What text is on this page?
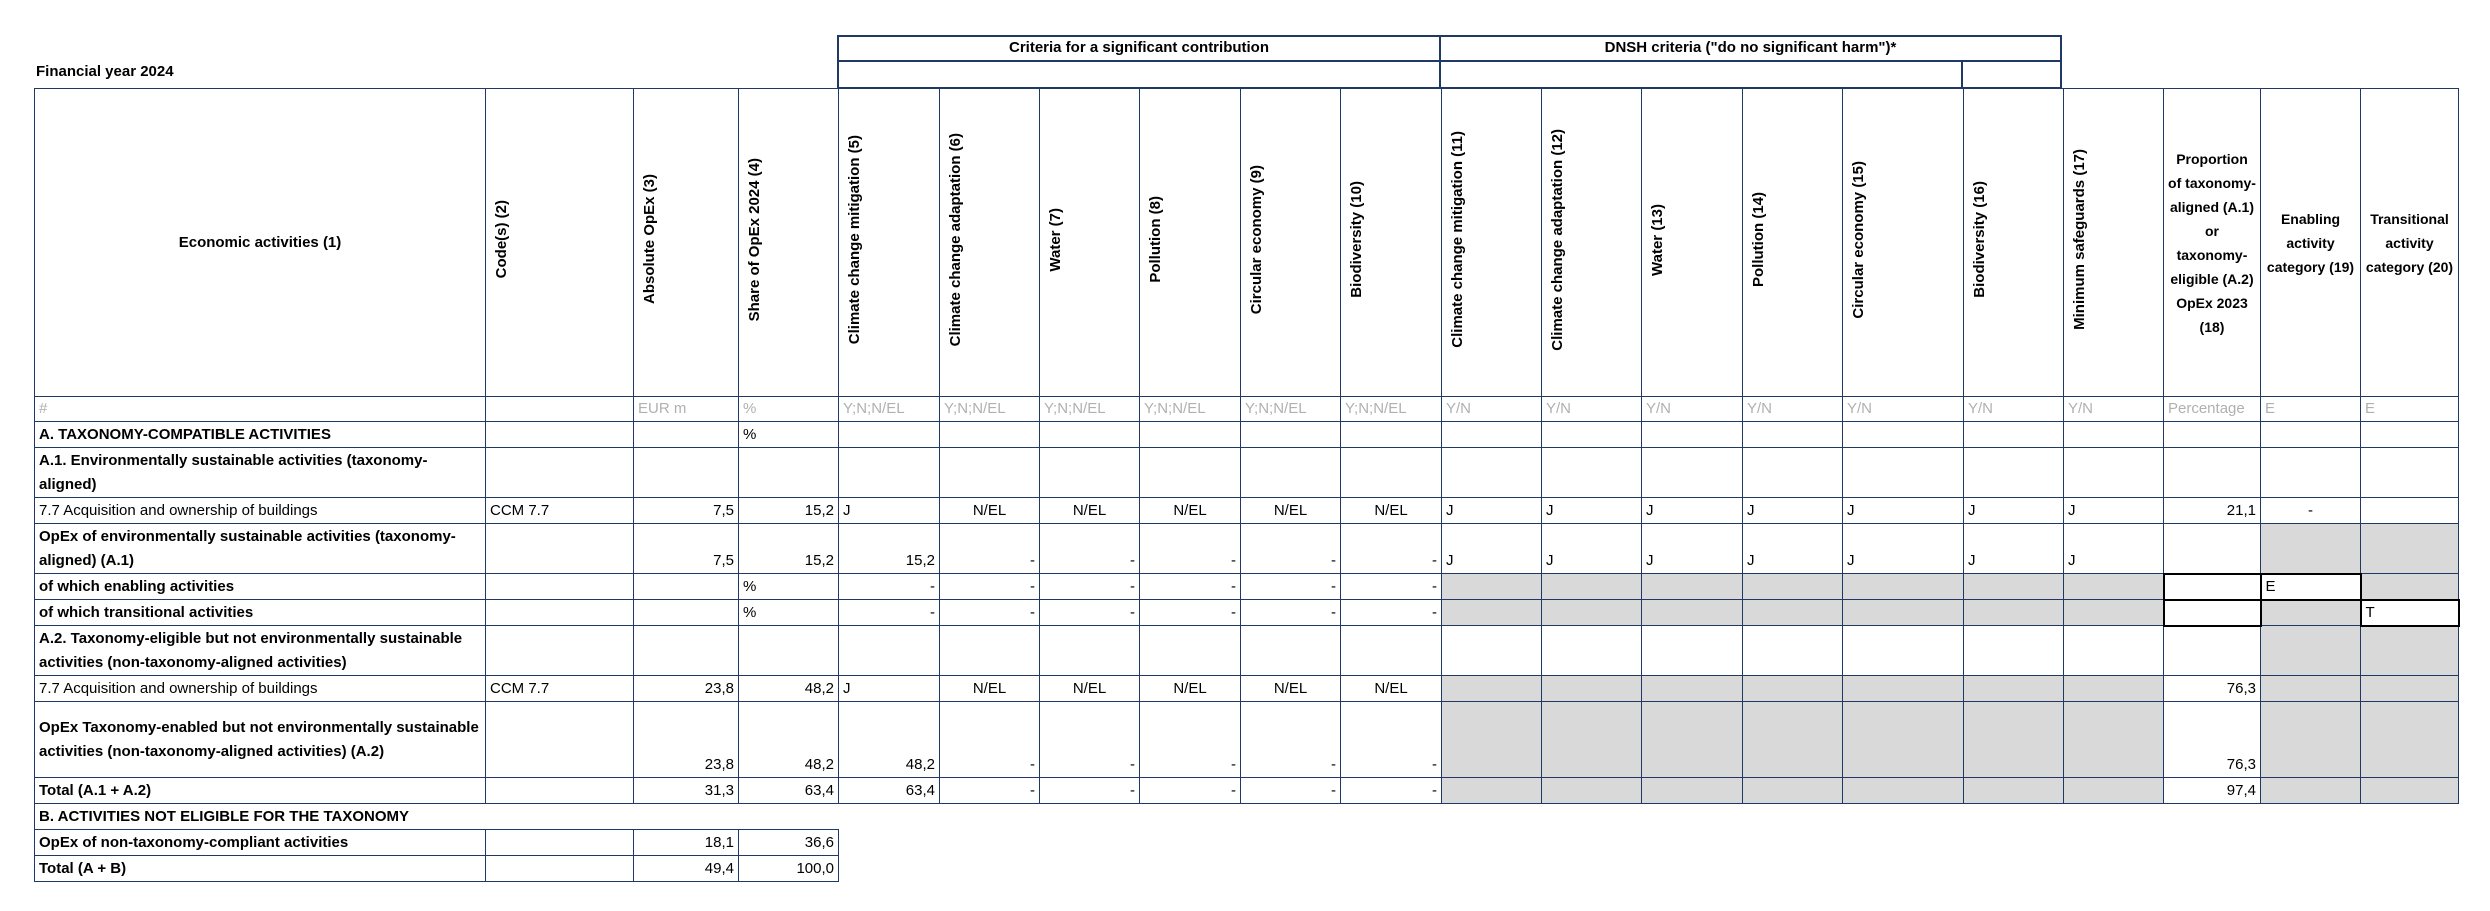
Financial year 2024
Criteria for a significant contribution	DNSH criteria ("do no significant harm")*
Economic activities (1)	Code(s) (2)	Absolute OpEx (3)	Share of OpEx 2024 (4)	Climate change mitigation (5)	Climate change adaptation (6)	Water (7)	Pollution (8)	Circular economy (9)	Biodiversity (10)	Climate change mitigation (11)	Climate change adaptation (12)	Water (13)	Pollution (14)	Circular economy (15)	Biodiversity (16)	Minimum safeguards (17)	Proportion of taxonomy-aligned (A.1) or taxonomy-eligible (A.2) OpEx 2023 (18)	Enabling activity category (19)	Transitional activity category (20)
#		EUR m	%	Y;N;N/EL	Y;N;N/EL	Y;N;N/EL	Y;N;N/EL	Y;N;N/EL	Y;N;N/EL	Y/N	Y/N	Y/N	Y/N	Y/N	Y/N	Y/N	Percentage	E	E
A. TAXONOMY-COMPATIBLE ACTIVITIES			%																
A.1. Environmentally sustainable activities (taxonomy-aligned)																			
7.7 Acquisition and ownership of buildings	CCM 7.7	7,5	15,2	J	N/EL	N/EL	N/EL	N/EL	N/EL	J	J	J	J	J	J	J	21,1	-	
OpEx of environmentally sustainable activities (taxonomy-aligned) (A.1)		7,5	15,2	15,2	-	-	-	-	-	J	J	J	J	J	J	J			
of which enabling activities			%	-	-	-	-	-	-									E	
of which transitional activities			%	-	-	-	-	-	-										T
A.2. Taxonomy-eligible but not environmentally sustainable activities (non-taxonomy-aligned activities)																			
7.7 Acquisition and ownership of buildings	CCM 7.7	23,8	48,2	J	N/EL	N/EL	N/EL	N/EL	N/EL								76,3		
OpEx Taxonomy-enabled but not environmentally sustainable activities (non-taxonomy-aligned activities) (A.2)		23,8	48,2	48,2	-	-	-	-	-								76,3		
Total (A.1 + A.2)		31,3	63,4	63,4	-	-	-	-	-								97,4		
B. ACTIVITIES NOT ELIGIBLE FOR THE TAXONOMY																			
OpEx of non-taxonomy-compliant activities		18,1	36,6																
Total (A + B)		49,4	100,0																
